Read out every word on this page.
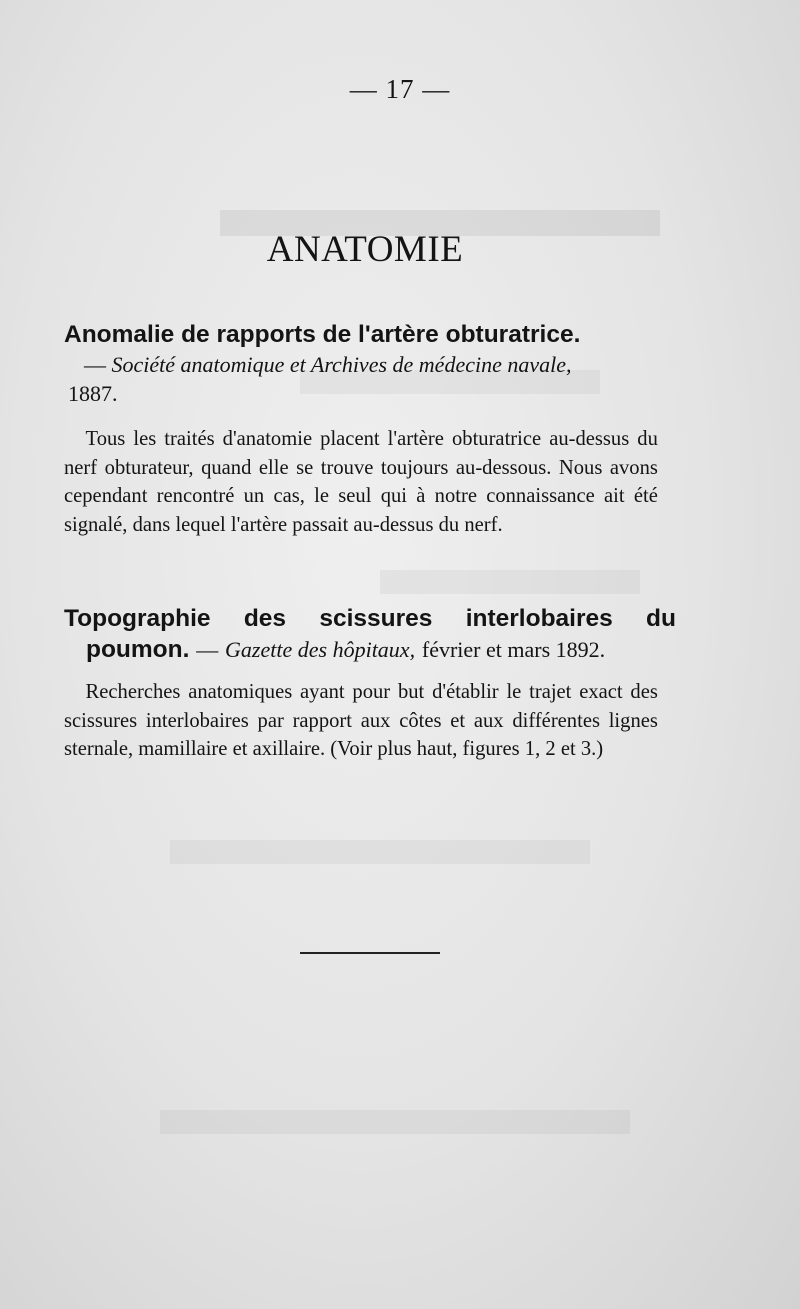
— 17 —
ANATOMIE
Anomalie de rapports de l'artère obturatrice.
— Société anatomique et Archives de médecine navale,
1887.
Tous les traités d'anatomie placent l'artère obturatrice au-dessus du nerf obturateur, quand elle se trouve toujours au-dessous. Nous avons cependant rencontré un cas, le seul qui à notre connaissance ait été signalé, dans lequel l'artère passait au-dessus du nerf.
Topographie des scissures interlobaires du
poumon. — Gazette des hôpitaux, février et mars 1892.
Recherches anatomiques ayant pour but d'établir le trajet exact des scissures interlobaires par rapport aux côtes et aux différentes lignes sternale, mamillaire et axillaire. (Voir plus haut, figures 1, 2 et 3.)
